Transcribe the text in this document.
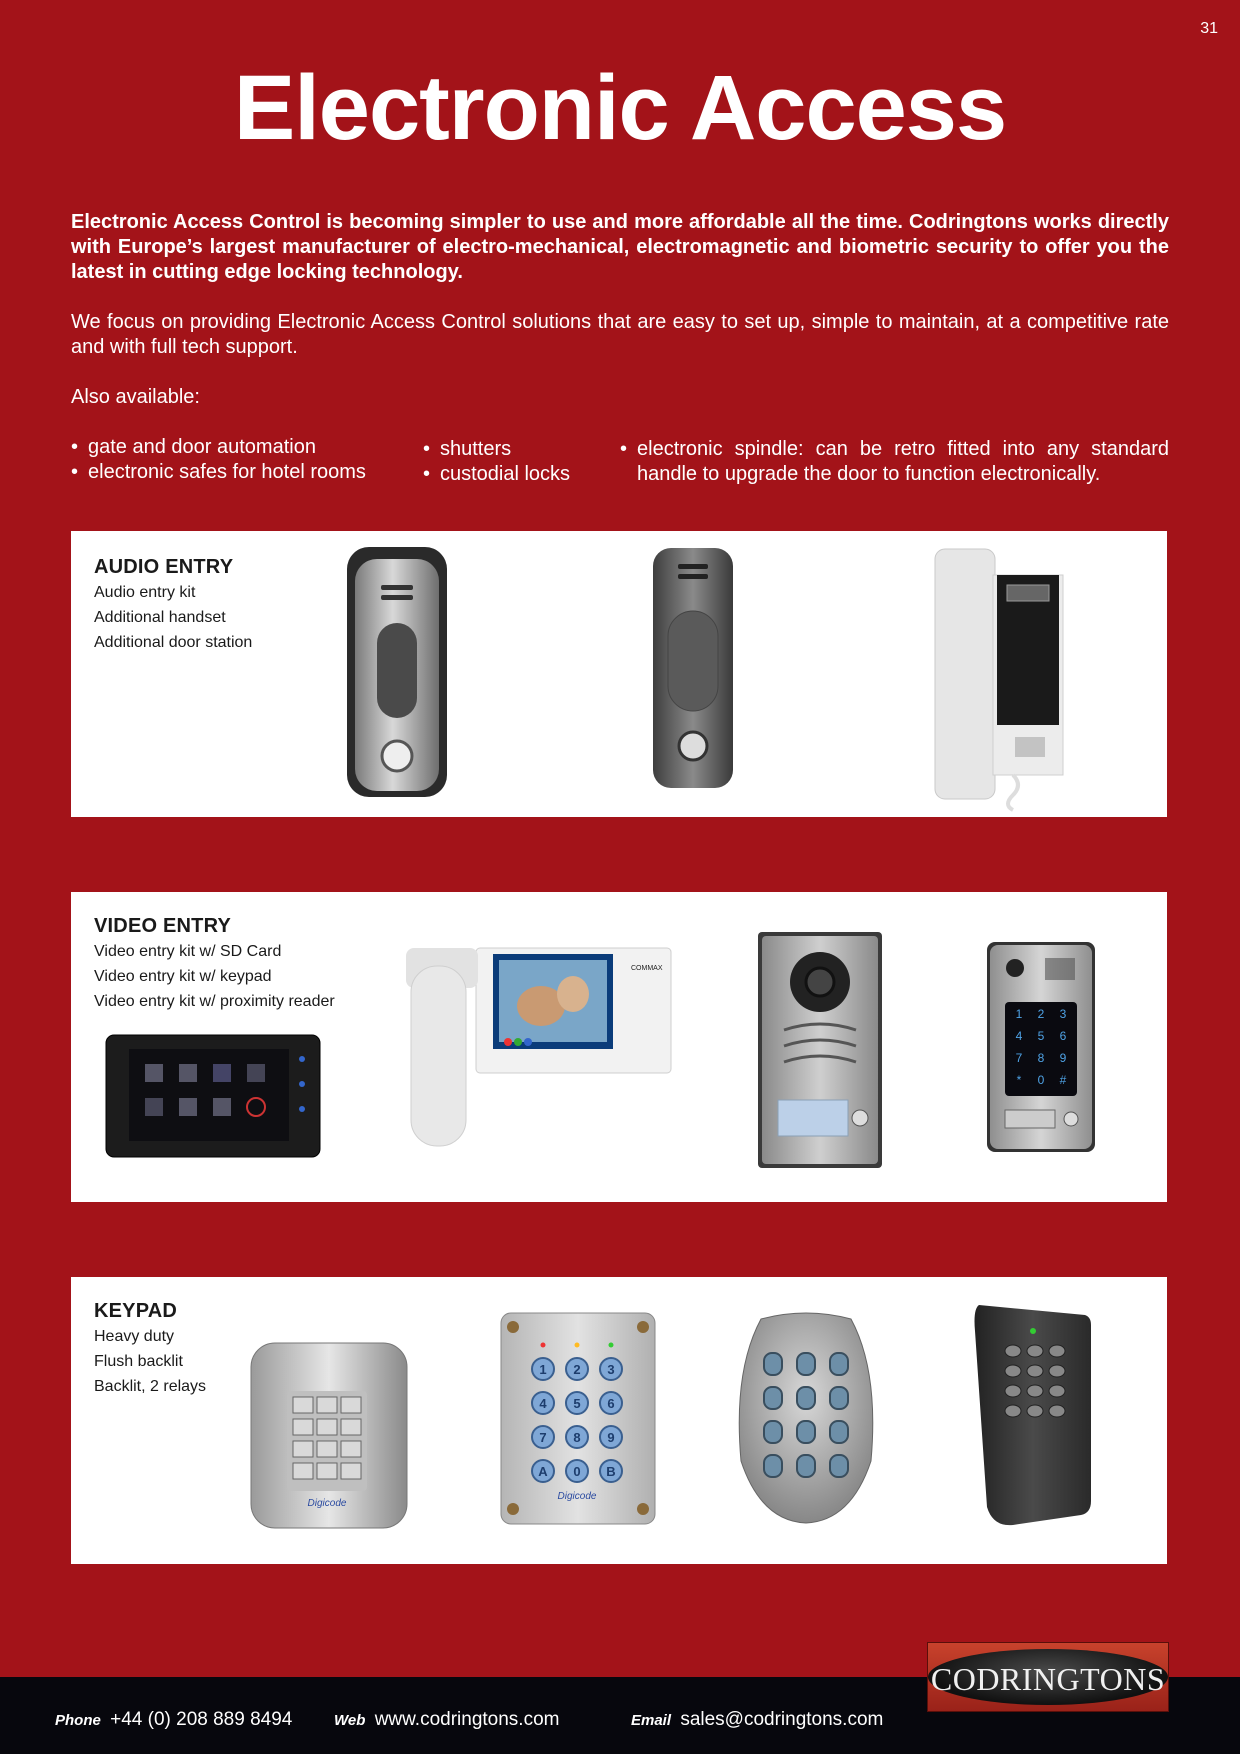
31
Electronic Access

Electronic Access Control is becoming simpler to use and more affordable all the time. Codringtons works directly with Europe’s largest manufacturer of electro-mechanical, electromagnetic and biometric security to offer you the latest in cutting edge locking technology.

We focus on providing Electronic Access Control solutions that are easy to set up, simple to maintain, at a competitive rate and with full tech support.

Also available:

• gate and door automation
• electronic safes for hotel rooms
• shutters
• custodial locks
• electronic spindle: can be retro fitted into any standard handle to upgrade the door to function electronically.
AUDIO ENTRY
Audio entry kit
Additional handset
Additional door station
VIDEO ENTRY
Video entry kit w/ SD Card
Video entry kit w/ keypad
Video entry kit w/ proximity reader
COMMAX
1 2 3
4 5 6
7 8 9
* 0 #
KEYPAD
Heavy duty
Flush backlit
Backlit, 2 relays
Digicode
1 2 3
4 5 6
7 8 9
A 0 B
Digicode
Phone +44 (0) 208 889 8494	Web www.codringtons.com	Email sales@codringtons.com
CODRINGTONS
